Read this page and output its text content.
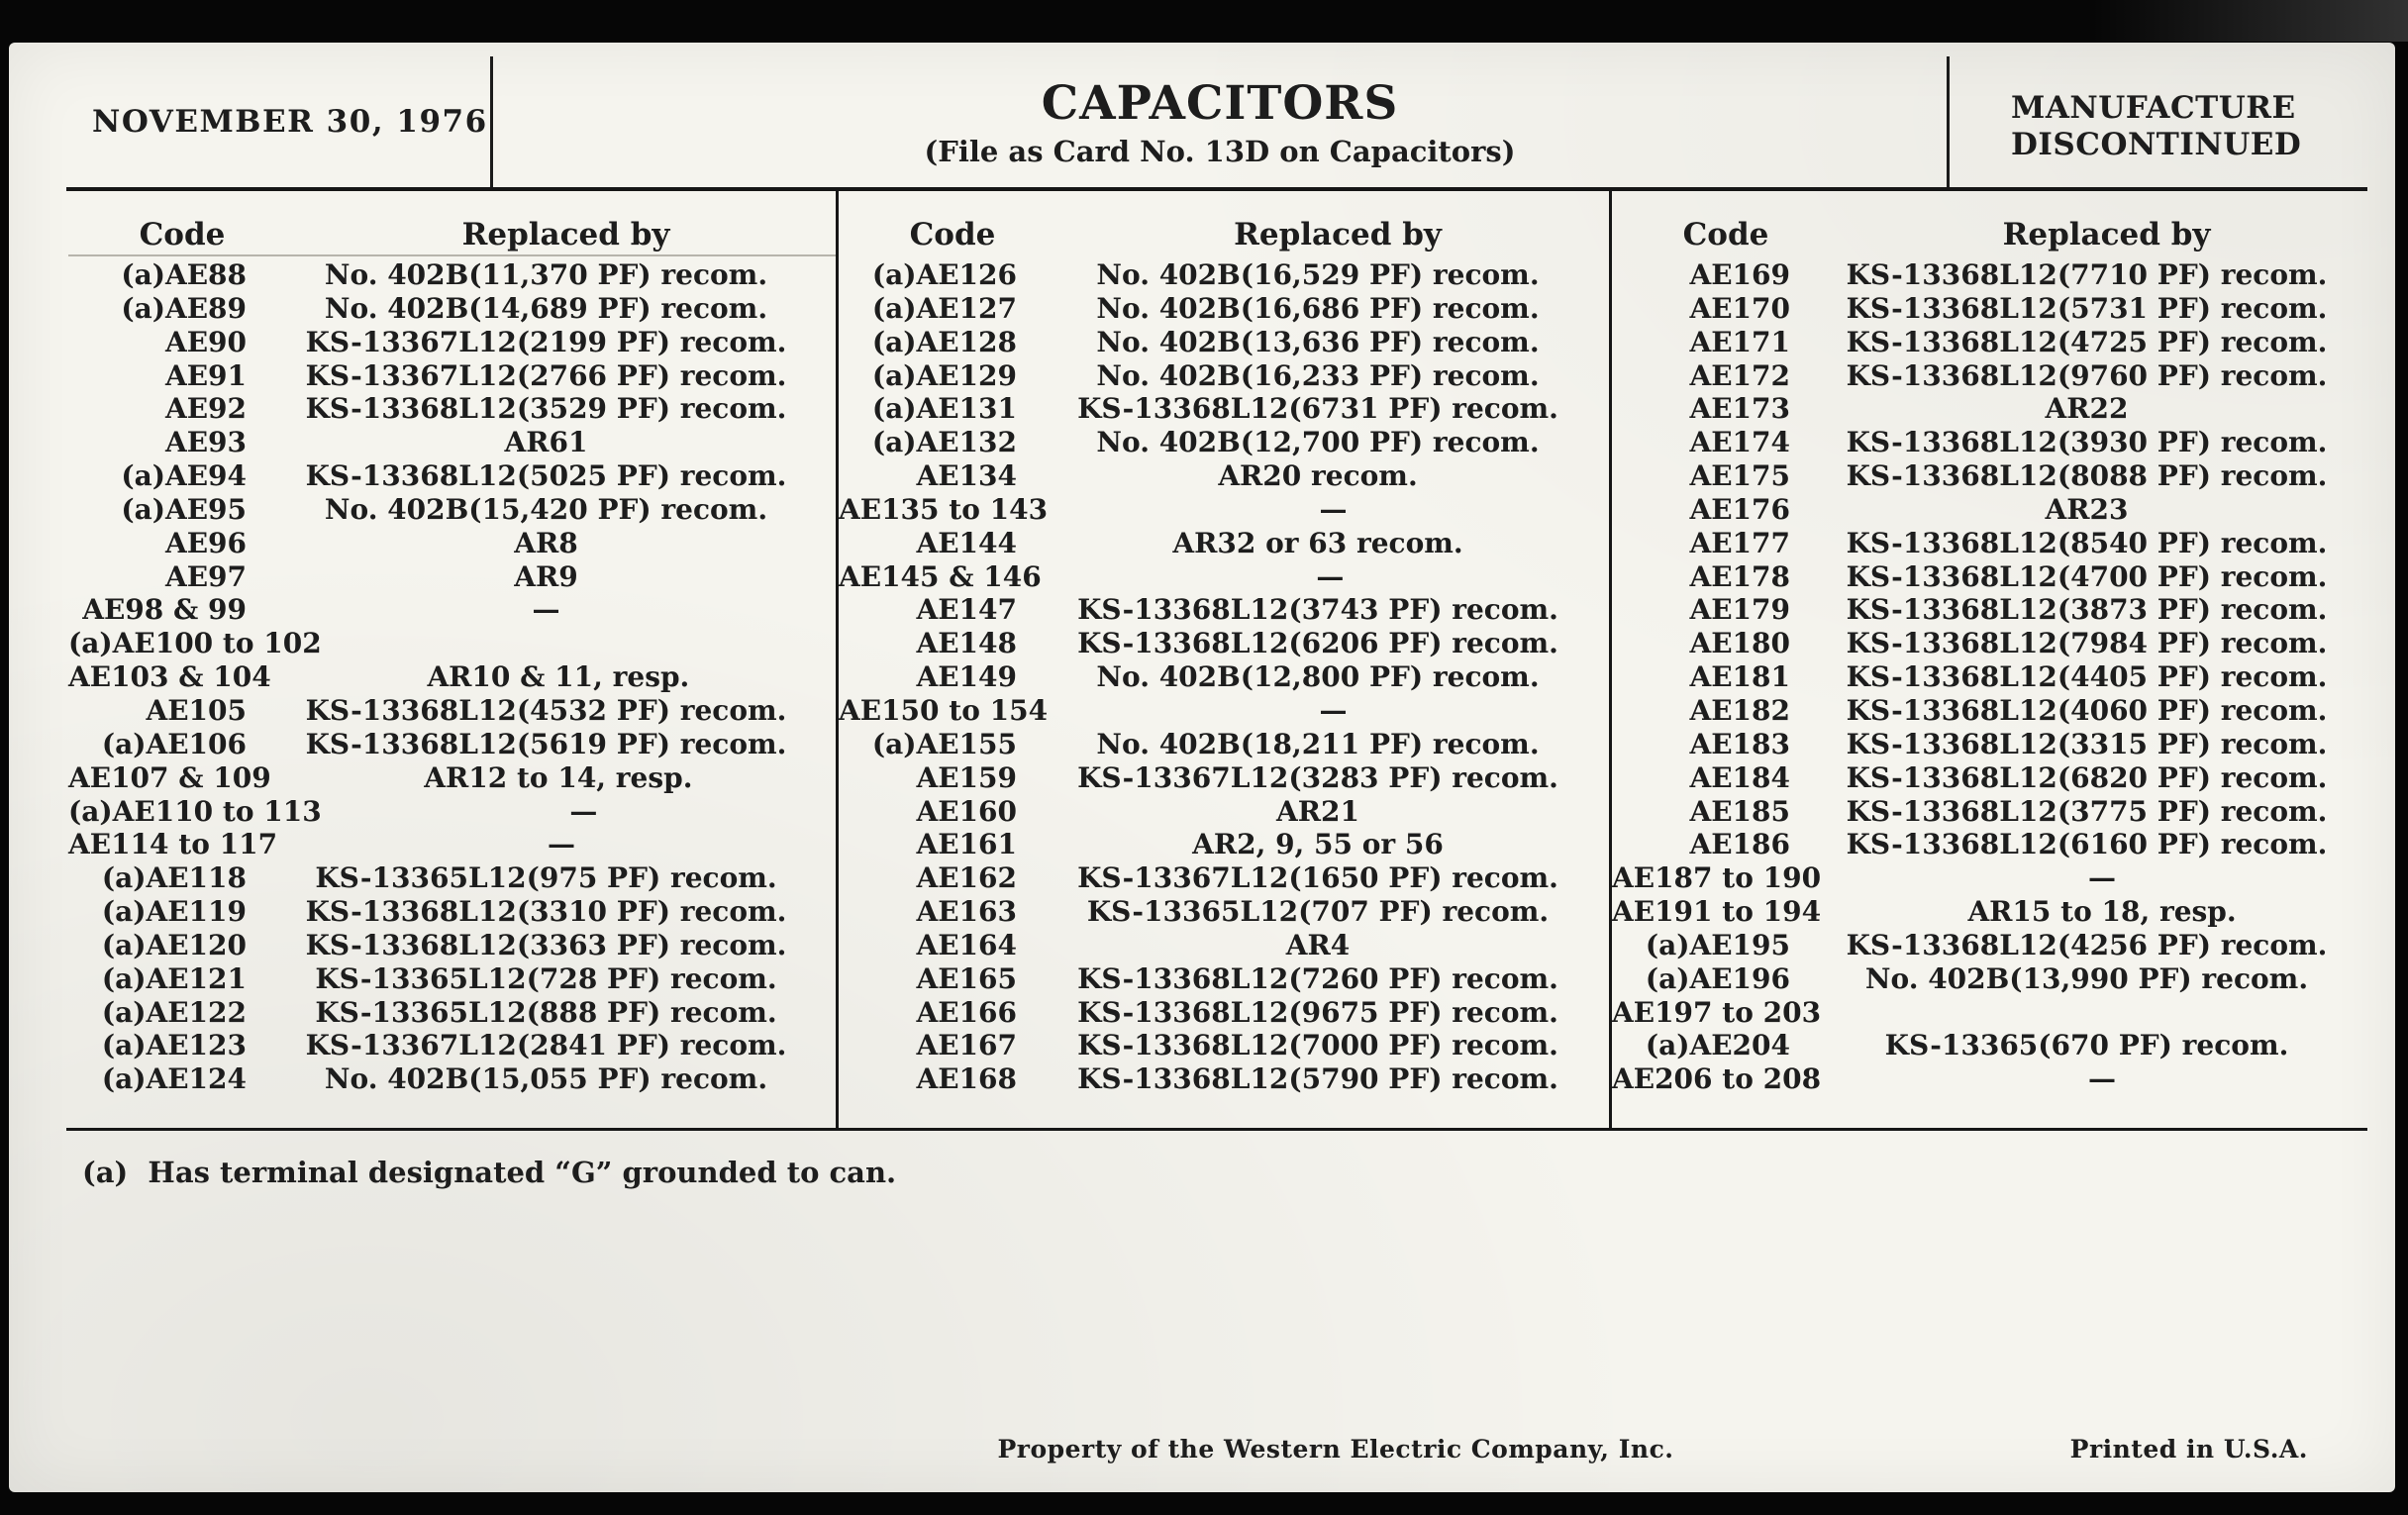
NOVEMBER 30, 1976	CAPACITORS
(File as Card No. 13D on Capacitors)
MANUFACTURE
DISCONTINUED
Code	Replaced by
(a)AE88	No. 402B(11,370 PF) recom.
(a)AE89	No. 402B(14,689 PF) recom.
AE90	KS-13367L12(2199 PF) recom.
AE91	KS-13367L12(2766 PF) recom.
AE92	KS-13368L12(3529 PF) recom.
AE93	AR61
(a)AE94	KS-13368L12(5025 PF) recom.
(a)AE95	No. 402B(15,420 PF) recom.
AE96	AR8
AE97	AR9
AE98 & 99	—
(a)AE100 to 102
AE103 & 104	AR10 & 11, resp.
AE105	KS-13368L12(4532 PF) recom.
(a)AE106	KS-13368L12(5619 PF) recom.
AE107 & 109	AR12 to 14, resp.
(a)AE110 to 113	—
AE114 to 117	—
(a)AE118	KS-13365L12(975 PF) recom.
(a)AE119	KS-13368L12(3310 PF) recom.
(a)AE120	KS-13368L12(3363 PF) recom.
(a)AE121	KS-13365L12(728 PF) recom.
(a)AE122	KS-13365L12(888 PF) recom.
(a)AE123	KS-13367L12(2841 PF) recom.
(a)AE124	No. 402B(15,055 PF) recom.
Code	Replaced by
(a)AE126	No. 402B(16,529 PF) recom.
(a)AE127	No. 402B(16,686 PF) recom.
(a)AE128	No. 402B(13,636 PF) recom.
(a)AE129	No. 402B(16,233 PF) recom.
(a)AE131	KS-13368L12(6731 PF) recom.
(a)AE132	No. 402B(12,700 PF) recom.
AE134	AR20 recom.
AE135 to 143	—
AE144	AR32 or 63 recom.
AE145 & 146	—
AE147	KS-13368L12(3743 PF) recom.
AE148	KS-13368L12(6206 PF) recom.
AE149	No. 402B(12,800 PF) recom.
AE150 to 154	—
(a)AE155	No. 402B(18,211 PF) recom.
AE159	KS-13367L12(3283 PF) recom.
AE160	AR21
AE161	AR2, 9, 55 or 56
AE162	KS-13367L12(1650 PF) recom.
AE163	KS-13365L12(707 PF) recom.
AE164	AR4
AE165	KS-13368L12(7260 PF) recom.
AE166	KS-13368L12(9675 PF) recom.
AE167	KS-13368L12(7000 PF) recom.
AE168	KS-13368L12(5790 PF) recom.
Code	Replaced by
AE169	KS-13368L12(7710 PF) recom.
AE170	KS-13368L12(5731 PF) recom.
AE171	KS-13368L12(4725 PF) recom.
AE172	KS-13368L12(9760 PF) recom.
AE173	AR22
AE174	KS-13368L12(3930 PF) recom.
AE175	KS-13368L12(8088 PF) recom.
AE176	AR23
AE177	KS-13368L12(8540 PF) recom.
AE178	KS-13368L12(4700 PF) recom.
AE179	KS-13368L12(3873 PF) recom.
AE180	KS-13368L12(7984 PF) recom.
AE181	KS-13368L12(4405 PF) recom.
AE182	KS-13368L12(4060 PF) recom.
AE183	KS-13368L12(3315 PF) recom.
AE184	KS-13368L12(6820 PF) recom.
AE185	KS-13368L12(3775 PF) recom.
AE186	KS-13368L12(6160 PF) recom.
AE187 to 190	—
AE191 to 194	AR15 to 18, resp.
(a)AE195	KS-13368L12(4256 PF) recom.
(a)AE196	No. 402B(13,990 PF) recom.
AE197 to 203
(a)AE204	KS-13365(670 PF) recom.
AE206 to 208	—
(a)  Has terminal designated “G” grounded to can.
Property of the Western Electric Company, Inc.	Printed in U.S.A.
